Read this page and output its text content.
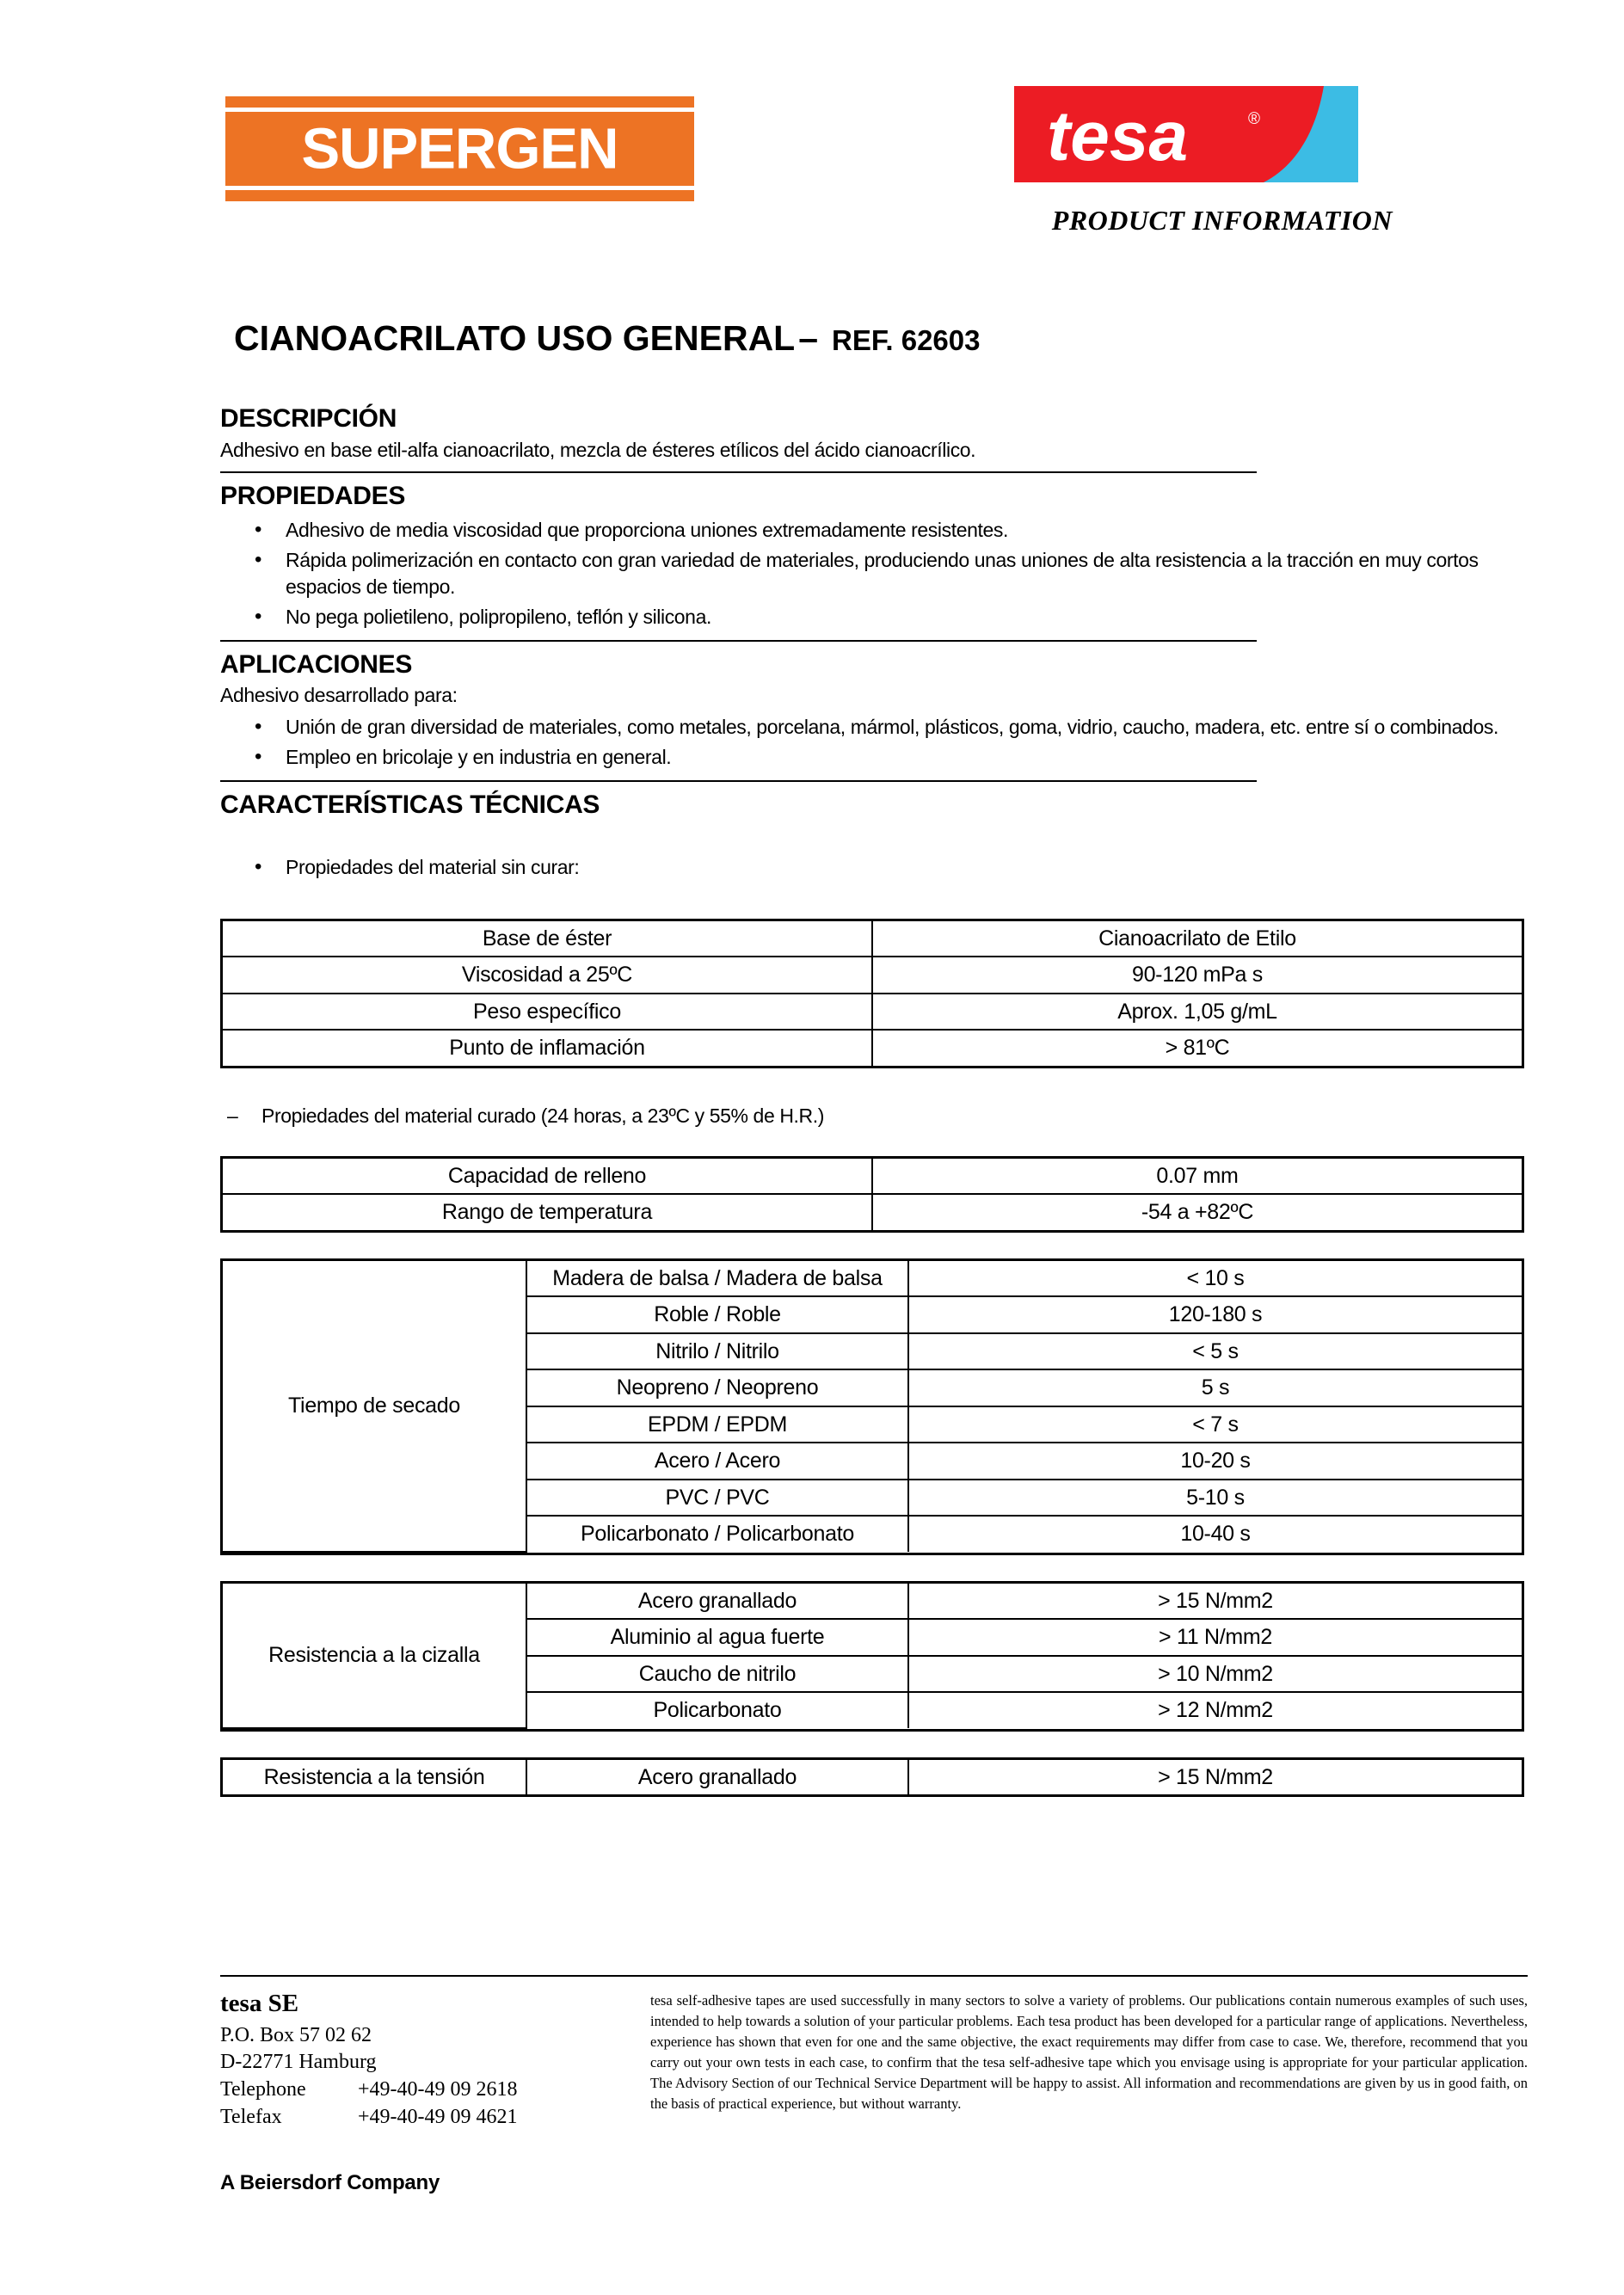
SUPERGEN	tesa	®
PRODUCT INFORMATION
CIANOACRILATO USO GENERAL– REF. 62603
DESCRIPCIÓN

Adhesivo en base etil-alfa cianoacrilato, mezcla de ésteres etílicos del ácido cianoacrílico.

PROPIEDADES
• Adhesivo de media viscosidad que proporciona uniones extremadamente resistentes.
• Rápida polimerización en contacto con gran variedad de materiales, produciendo unas uniones de alta resistencia a la tracción en muy cortos espacios de tiempo.
• No pega polietileno, polipropileno, teflón y silicona.
APLICACIONES

Adhesivo desarrollado para:

• Unión de gran diversidad de materiales, como metales, porcelana, mármol, plásticos, goma, vidrio, caucho, madera, etc. entre sí o combinados.
• Empleo en bricolaje y en industria en general.
CARACTERÍSTICAS TÉCNICAS
• Propiedades del material sin curar:
Base de éster	Cianoacrilato de Etilo
Viscosidad a 25ºC	90-120 mPa s
Peso específico	Aprox. 1,05 g/mL
Punto de inflamación	> 81ºC
– Propiedades del material curado (24 horas, a 23ºC y 55% de H.R.)
Capacidad de relleno	0.07 mm
Rango de temperatura	-54 a +82ºC
Tiempo de secado	Madera de balsa / Madera de balsa	< 10 s
	Roble / Roble	120-180 s
	Nitrilo / Nitrilo	< 5 s
	Neopreno / Neopreno	5 s
	EPDM / EPDM	< 7 s
	Acero / Acero	10-20 s
	PVC / PVC	5-10 s
	Policarbonato / Policarbonato	10-40 s
Resistencia a la cizalla	Acero granallado	> 15 N/mm2
	Aluminio al agua fuerte	> 11 N/mm2
	Caucho de nitrilo	> 10 N/mm2
	Policarbonato	> 12 N/mm2
Resistencia a la tensión	Acero granallado	> 15 N/mm2
tesa SE
P.O. Box 57 02 62
D-22771 Hamburg
Telephone	+49-40-49 09 2618
Telefax	+49-40-49 09 4621
A Beiersdorf Company
tesa self-adhesive tapes are used successfully in many sectors to solve a variety of problems. Our publications contain numerous examples of such uses, intended to help towards a solution of your particular problems. Each tesa product has been developed for a particular range of applications. Nevertheless, experience has shown that even for one and the same objective, the exact requirements may differ from case to case. We, therefore, recommend that you carry out your own tests in each case, to confirm that the tesa self-adhesive tape which you envisage using is appropriate for your particular application. The Advisory Section of our Technical Service Department will be happy to assist. All information and recommendations are given by us in good faith, on the basis of practical experience, but without warranty.
